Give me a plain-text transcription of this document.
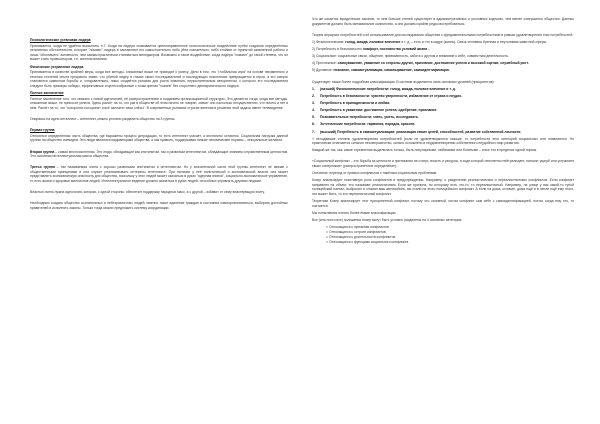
Психологические установки лидера

Принимается, когда не удаётся выполнить п.7. Когда на лидера оказывается целенаправленное психологическое воздействие путём создания определённых негативных обстоятельств, которые "ломают" лидера и заставляют его самостоятельно либо уйти сознательно, либо стойкие от принятой заявленной работы и лишь "обозначить" активность, чем самым практически становиться менеджером. Возможно и такое воздействие, когда лидера "ломают" до такой степени, что он может стать провокатором, т.е. агентом влияния.

Физическое устранение лидера

Принимается в качестве крайней меры, когда все методы, описанные выше не приводят к успеху. Дело в том, что "глобальная игра" на основе неизменного и течения столетий опыта прекрасно знают, что убитый лидер в глазах своих последователей и последующих поколениях превращается в героя, а его смерть становится символом борьбы и, следовательно, лишь создаётся условия для роста значения, неукоснительным авторитетом, с которого его последователи следуют быть примеры победы, эффективные и целесообразные с точки зрения "хозяев" без стороннего демократического лидера.

Полное заключение

Полное заключение того, что связано с новой идеологией, её распространением и созданием организационной структуры. Это делается тогда, когда все методы, описанные выше, не приносят успеха. Здесь расчёт на то, что раз в обществе об этом ничего не говорят, значит оно настолько несущественно, что ничего и нет в нём. Расчёт на то, что "похоронят-похоронят и всё заплатят свои слёзы". В современных условиях строгие явления в решении этой задачи имеет телевидение.

Опираясь на идею интеллект – интеллект, можно условно разделить общество на 3 группы.

Первая группа

Относится определённая часть общества, где выражены процесс деградации, то есть интеллект угасает, а инстинкты остаются. Социальная нагрузка данной группы на общество очевидна. Эти люди являются иждивенцами общества, и как правило, поддерживая низкие человеческие порывы – сексуальные желания.

Вторая группа – самая многочисленная. Это люди, обладающие как инстинктом, так и развитым интеллектом, обладающие знанием и нравственным ценностям. Это основная интеллектуальная масса общества.

Третья группа – так называемая элита с хорошо развитыми инстинктом и интеллектом. Но у значительной части этой группы интеллект не связан с общественными принципами и она служит реализовывать интересы интеллекта. При наличии у неё политической и экономической власти она может представлять экономическую опасность для общества, поскольку у этих людей может оказаться в руках "ядерная кнопка", социально-экономическое управление, то есть жизни и здоровье миллионов людей. Интеллектуальное ведение должно оказаться в руках людей, способных управлять другими людьми.

Властью очень нужна идеология, которая, с одной стороны, обеспечит поддержку народных масс, а с другой – избавит от сему властвующую элиту.

Необходимо создать общество сознательных и небезразличных людей; именно такое единение граждан в состоянии самоорганизоваться, выбирать достойных правителей и исполнять законы. Только тогда можно предложить систему координации.

Что же касается юридических законов, то чем больше степей существует в административных и уголовных кодексах, тем менее совершенно общество. Данных документов должно быть минимальное количество, а они должны крайне редко востребоваться.

Теория иерархии потребностей и её использование для исследования общества с фундаментальными потребностями в рамках удовлетворения этих потребностей:

1) Физиологические: голод, жажда, половое влечение и т. д. – есть и что в кадре (жизнь). Связь человека бренная и неутолимая животной сферы.

2) Потребность в безопасности: комфорт, постоянство условий жизни –

3) Социальные: социальные связи, общение, привязанность, забота о другом и внимание к себе, совместная деятельность.

4) Престижные: самоуважение, уважение со стороны других, признание, достижение успеха и высокой оценки, служебный рост.

5) Духовные: познание, самоактуализация, самовыражение, самоидентификация.

Существует также более подробная классификация. В системе выделяется семь основных уровней (приоритетов):

1. (низший) Физиологические потребности: голод, жажда, половое влечение и т. д.

2. Потребность в безопасности: чувство уверенности, избавление от страха и неудач.

3. Потребность в принадлежности и любви.

4. Потребность в уважении: достижение успеха, одобрение, признание.

5. Познавательные потребности: знать, уметь, исследовать.

6. Эстетические потребности: гармония, порядок, красота.

7. (высший) Потребность в самоактуализации: реализация своих целей, способностей, развитие собственной личности.

+ неподавшие степень удовлетворения потребностей (если не удовлетворяются низшие, то потребности этих категорий социальных или появляются. Но практически отмечается сильное несовершенство, сильно осложнено в неудовлетворении собственного неудобного мир развития.

Каждый же так, как, какие стремления выделились только, быть популярными, любимыми или богатыми – и все это в пределах одной нормы.

«Социальный конфликт – это борьба за ценности и притязания на статус, власть и ресурсы, в ходе которой оппоненты нейтрализуют, наносят ущерб или устраняют своих соперников» (распространённое определение).

Основное: переход от прямых конфликтов к тяжёлым социальным проблемам.

Козер анализирует позитивную роль конфликтов в предупреждении. Например, о разделении реалистических и нереалистических конфликтов. Если конфликт направлен на объект, его называют реалистичным. Если же причина, по которому есть что-то, то нереалистичный. Например, на улице у вас какой-то тупой полицейский наехал, выбросил и сломал ваш автомобиль, вы стали на этого полицейского конфликт. А если на дома, отличие, дома ещё и в пепле ещё ему этого, это может быть, то это нереалистичный конфликт.

Теоретики Козер анализирует этот приоритетный конфликт, потому что основной, потом конфликт сам себе с самоидентификацией, потом, когда ему это, то считается.

Мы попытаемся понять более ёмкие классификации.

Все (или почти все) положения Козер могут быть условно разделены на 4 основных категории:

□ Относящиеся к причинам конфликтов
□ Относящиеся к остроте конфликтов
□ Относящиеся к длительности конфликтов
□ Относящиеся к функциям социального конфликта
